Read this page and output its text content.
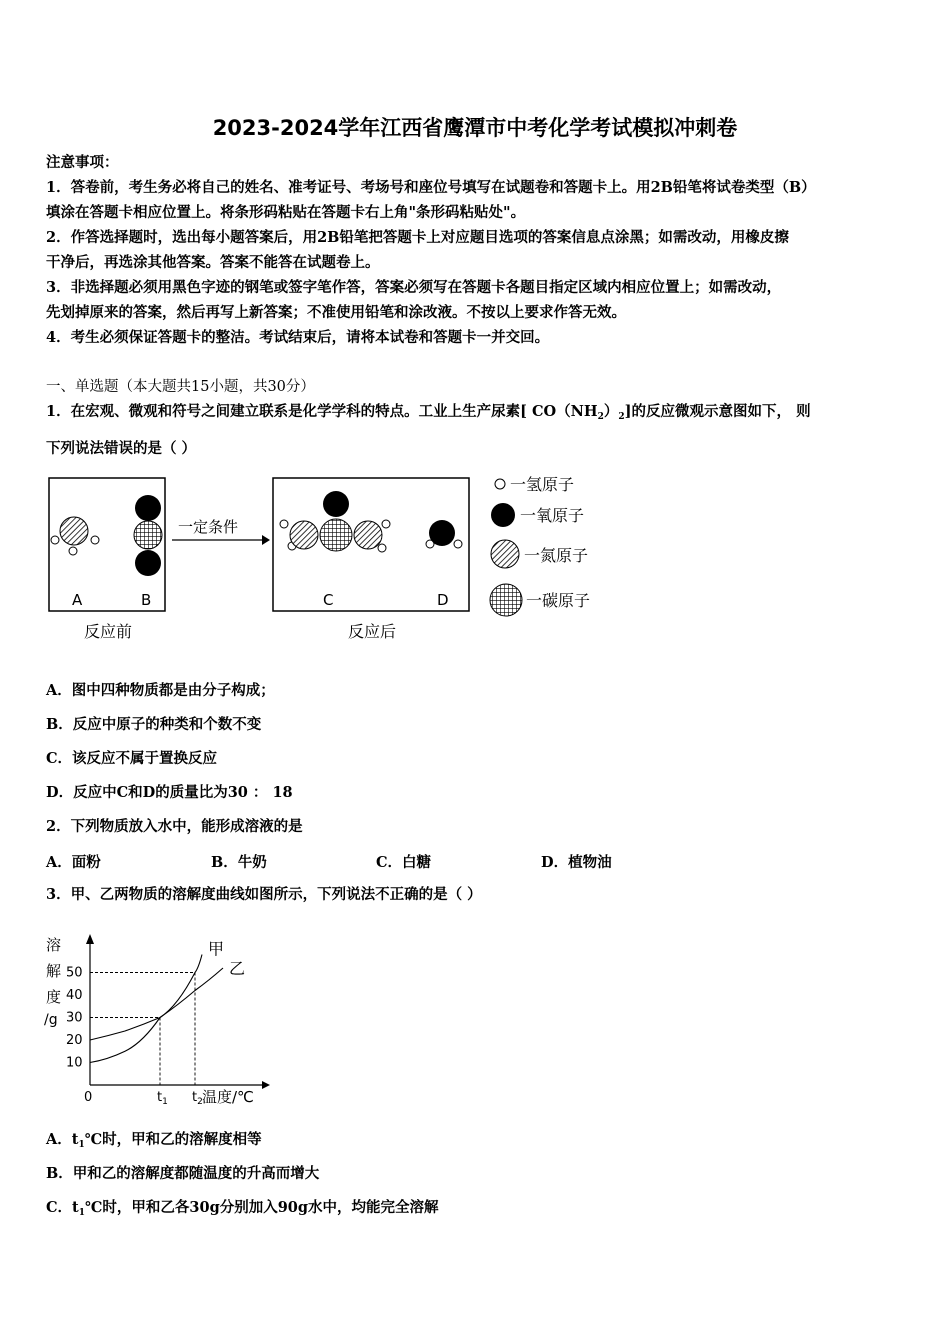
2023-2024学年江西省鹰潭市中考化学考试模拟冲刺卷
注意事项：
1．答卷前，考生务必将自己的姓名、准考证号、考场号和座位号填写在试题卷和答题卡上。用2B铅笔将试卷类型（B）
填涂在答题卡相应位置上。将条形码粘贴在答题卡右上角"条形码粘贴处"。
2．作答选择题时，选出每小题答案后，用2B铅笔把答题卡上对应题目选项的答案信息点涂黑；如需改动，用橡皮擦
干净后，再选涂其他答案。答案不能答在试题卷上。
3．非选择题必须用黑色字迹的钢笔或签字笔作答，答案必须写在答题卡各题目指定区域内相应位置上；如需改动，
先划掉原来的答案，然后再写上新答案；不准使用铅笔和涂改液。不按以上要求作答无效。
4．考生必须保证答题卡的整洁。考试结束后，请将本试卷和答题卡一并交回。
一、单选题（本大题共15小题，共30分）
1．在宏观、微观和符号之间建立联系是化学学科的特点。工业上生产尿素[ $CO(NH_2)_2$]的反应微观示意图如下， 则
下列说法错误的是（ ）
A	B
一定条件
C	D
反应前	反应后
一氢原子
一氧原子
一氮原子
一碳原子
A．图中四种物质都是由分子构成；
B．反应中原子的种类和个数不变
C．该反应不属于置换反应
D．反应中C和D的质量比为30 ： 18
2．下列物质放入水中，能形成溶液的是
A．面粉	B．牛奶	C．白糖	D．植物油
3．甲、乙两物质的溶解度曲线如图所示，下列说法不正确的是（ ）
溶
解
度
/g
温度/℃
0	$t_1$ $t_2$
10
20
30
40
50
甲
乙
A．$t_1℃$时，甲和乙的溶解度相等
B．甲和乙的溶解度都随温度的升高而增大
C．$t_1℃$时，甲和乙各30g分别加入90g水中，均能完全溶解
